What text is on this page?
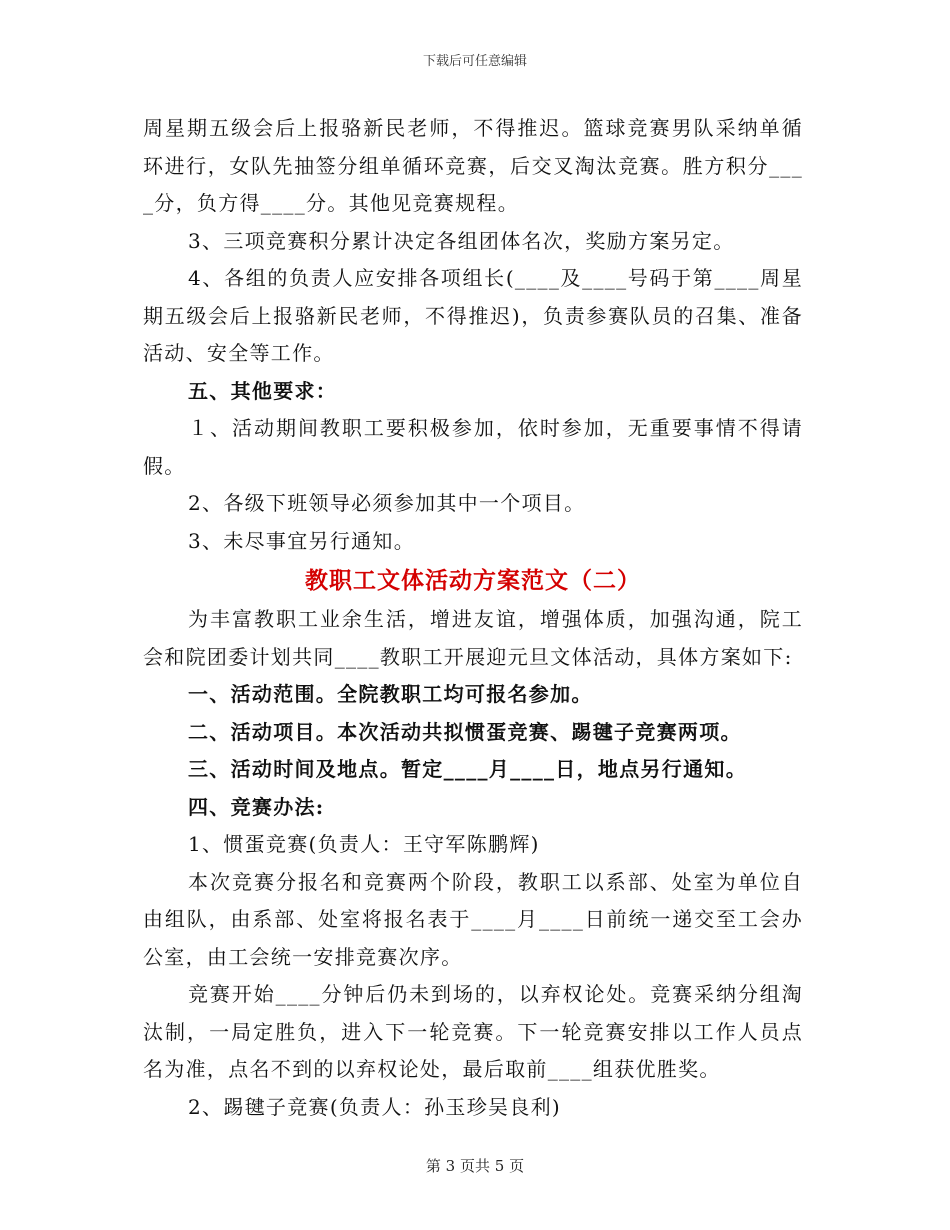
下载后可任意编辑

周星期五级会后上报骆新民老师，不得推迟。篮球竞赛男队采纳单循环进行，女队先抽签分组单循环竞赛，后交叉淘汰竞赛。胜方积分____分，负方得____分。其他见竞赛规程。

3、三项竞赛积分累计决定各组团体名次，奖励方案另定。

4、各组的负责人应安排各项组长(____及____号码于第____周星期五级会后上报骆新民老师，不得推迟)，负责参赛队员的召集、准备活动、安全等工作。

五、其他要求：

１、活动期间教职工要积极参加，依时参加，无重要事情不得请假。

2、各级下班领导必须参加其中一个项目。

3、未尽事宜另行通知。

教职工文体活动方案范文（二）

为丰富教职工业余生活，增进友谊，增强体质，加强沟通，院工会和院团委计划共同____教职工开展迎元旦文体活动，具体方案如下:

一、活动范围。全院教职工均可报名参加。

二、活动项目。本次活动共拟惯蛋竞赛、踢毽子竞赛两项。

三、活动时间及地点。暂定____月____日，地点另行通知。

四、竞赛办法:

1、惯蛋竞赛(负责人：王守军陈鹏辉)

本次竞赛分报名和竞赛两个阶段，教职工以系部、处室为单位自由组队，由系部、处室将报名表于____月____日前统一递交至工会办公室，由工会统一安排竞赛次序。

竞赛开始____分钟后仍未到场的，以弃权论处。竞赛采纳分组淘汰制，一局定胜负，进入下一轮竞赛。下一轮竞赛安排以工作人员点名为准，点名不到的以弃权论处，最后取前____组获优胜奖。

2、踢毽子竞赛(负责人：孙玉珍吴良利)

第 3 页共 5 页
